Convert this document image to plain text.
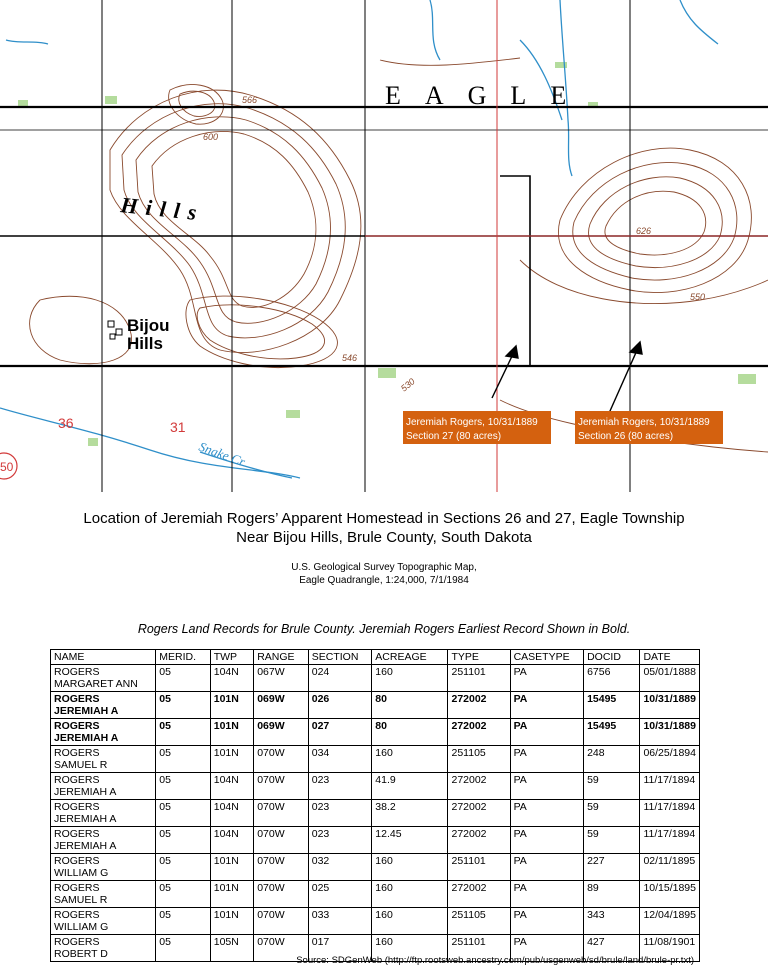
EAGLE
Hills
Bijou
Hills
Snake Cr
36	31
50
566
600
626
550
546
530
Jeremiah Rogers, 10/31/1889
Section 27 (80 acres)
Jeremiah Rogers, 10/31/1889
Section 26 (80 acres)
Location of Jeremiah Rogers’ Apparent Homestead in Sections 26 and 27, Eagle Township
Near Bijou Hills, Brule County, South Dakota
U.S. Geological Survey Topographic Map,
Eagle Quadrangle, 1:24,000, 7/1/1984
Rogers Land Records for Brule County. Jeremiah Rogers Earliest Record Shown in Bold.
NAME	MERID.	TWP	RANGE	SECTION	ACREAGE	TYPE	CASETYPE	DOCID	DATE

ROGERS
MARGARET ANN	05	104N	067W	024	160	251101	PA	6756	05/01/1888

ROGERS
JEREMIAH A	05	101N	069W	026	80	272002	PA	15495	10/31/1889

ROGERS
JEREMIAH A	05	101N	069W	027	80	272002	PA	15495	10/31/1889

ROGERS
SAMUEL R	05	101N	070W	034	160	251105	PA	248	06/25/1894

ROGERS
JEREMIAH A	05	104N	070W	023	41.9	272002	PA	59	11/17/1894

ROGERS
JEREMIAH A	05	104N	070W	023	38.2	272002	PA	59	11/17/1894

ROGERS
JEREMIAH A	05	104N	070W	023	12.45	272002	PA	59	11/17/1894

ROGERS
WILLIAM G	05	101N	070W	032	160	251101	PA	227	02/11/1895

ROGERS
SAMUEL R	05	101N	070W	025	160	272002	PA	89	10/15/1895

ROGERS
WILLIAM G	05	101N	070W	033	160	251105	PA	343	12/04/1895

ROGERS
ROBERT D	05	105N	070W	017	160	251101	PA	427	11/08/1901
Source: SDGenWeb (http://ftp.rootsweb.ancestry.com/pub/usgenweb/sd/brule/land/brule-pr.txt)
